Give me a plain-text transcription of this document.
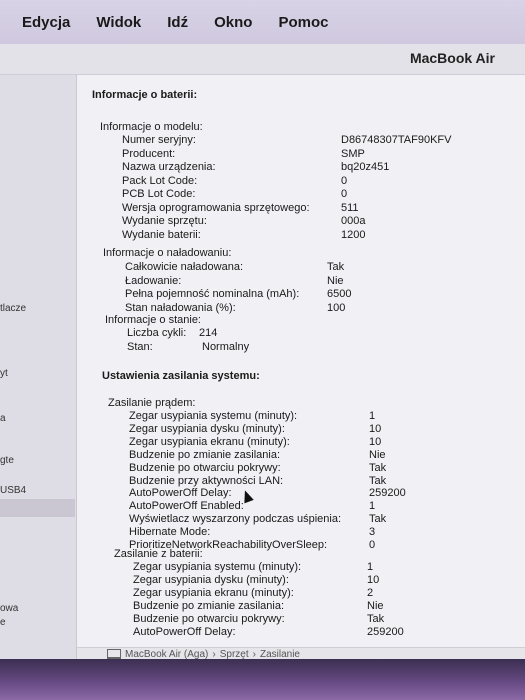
Edycja Widok Idź Okno Pomoc
MacBook Air
tlacze
yt
a
gte
USB4
owa
e
Informacje o baterii:
Informacje o modelu:
Numer seryjny:	D86748307TAF90KFV
Producent:	SMP
Nazwa urządzenia:	bq20z451
Pack Lot Code:	0
PCB Lot Code:	0
Wersja oprogramowania sprzętowego:	511
Wydanie sprzętu:	000a
Wydanie baterii:	1200
Informacje o naładowaniu:
Całkowicie naładowana:	Tak
Ładowanie:	Nie
Pełna pojemność nominalna (mAh):	6500
Stan naładowania (%):	100
Informacje o stanie:
Liczba cykli: 214
Stan:	Normalny
Ustawienia zasilania systemu:
Zasilanie prądem:
Zegar usypiania systemu (minuty):	1
Zegar usypiania dysku (minuty):	10
Zegar usypiania ekranu (minuty):	10
Budzenie po zmianie zasilania:	Nie
Budzenie po otwarciu pokrywy:	Tak
Budzenie przy aktywności LAN:	Tak
AutoPowerOff Delay:	259200
AutoPowerOff Enabled:	1
Wyświetlacz wyszarzony podczas uśpienia:	Tak
Hibernate Mode:	3
PrioritizeNetworkReachabilityOverSleep:	0
Zasilanie z baterii:
Zegar usypiania systemu (minuty):	1
Zegar usypiania dysku (minuty):	10
Zegar usypiania ekranu (minuty):	2
Budzenie po zmianie zasilania:	Nie
Budzenie po otwarciu pokrywy:	Tak
AutoPowerOff Delay:	259200
MacBook Air (Aga) › Sprzęt › Zasilanie
